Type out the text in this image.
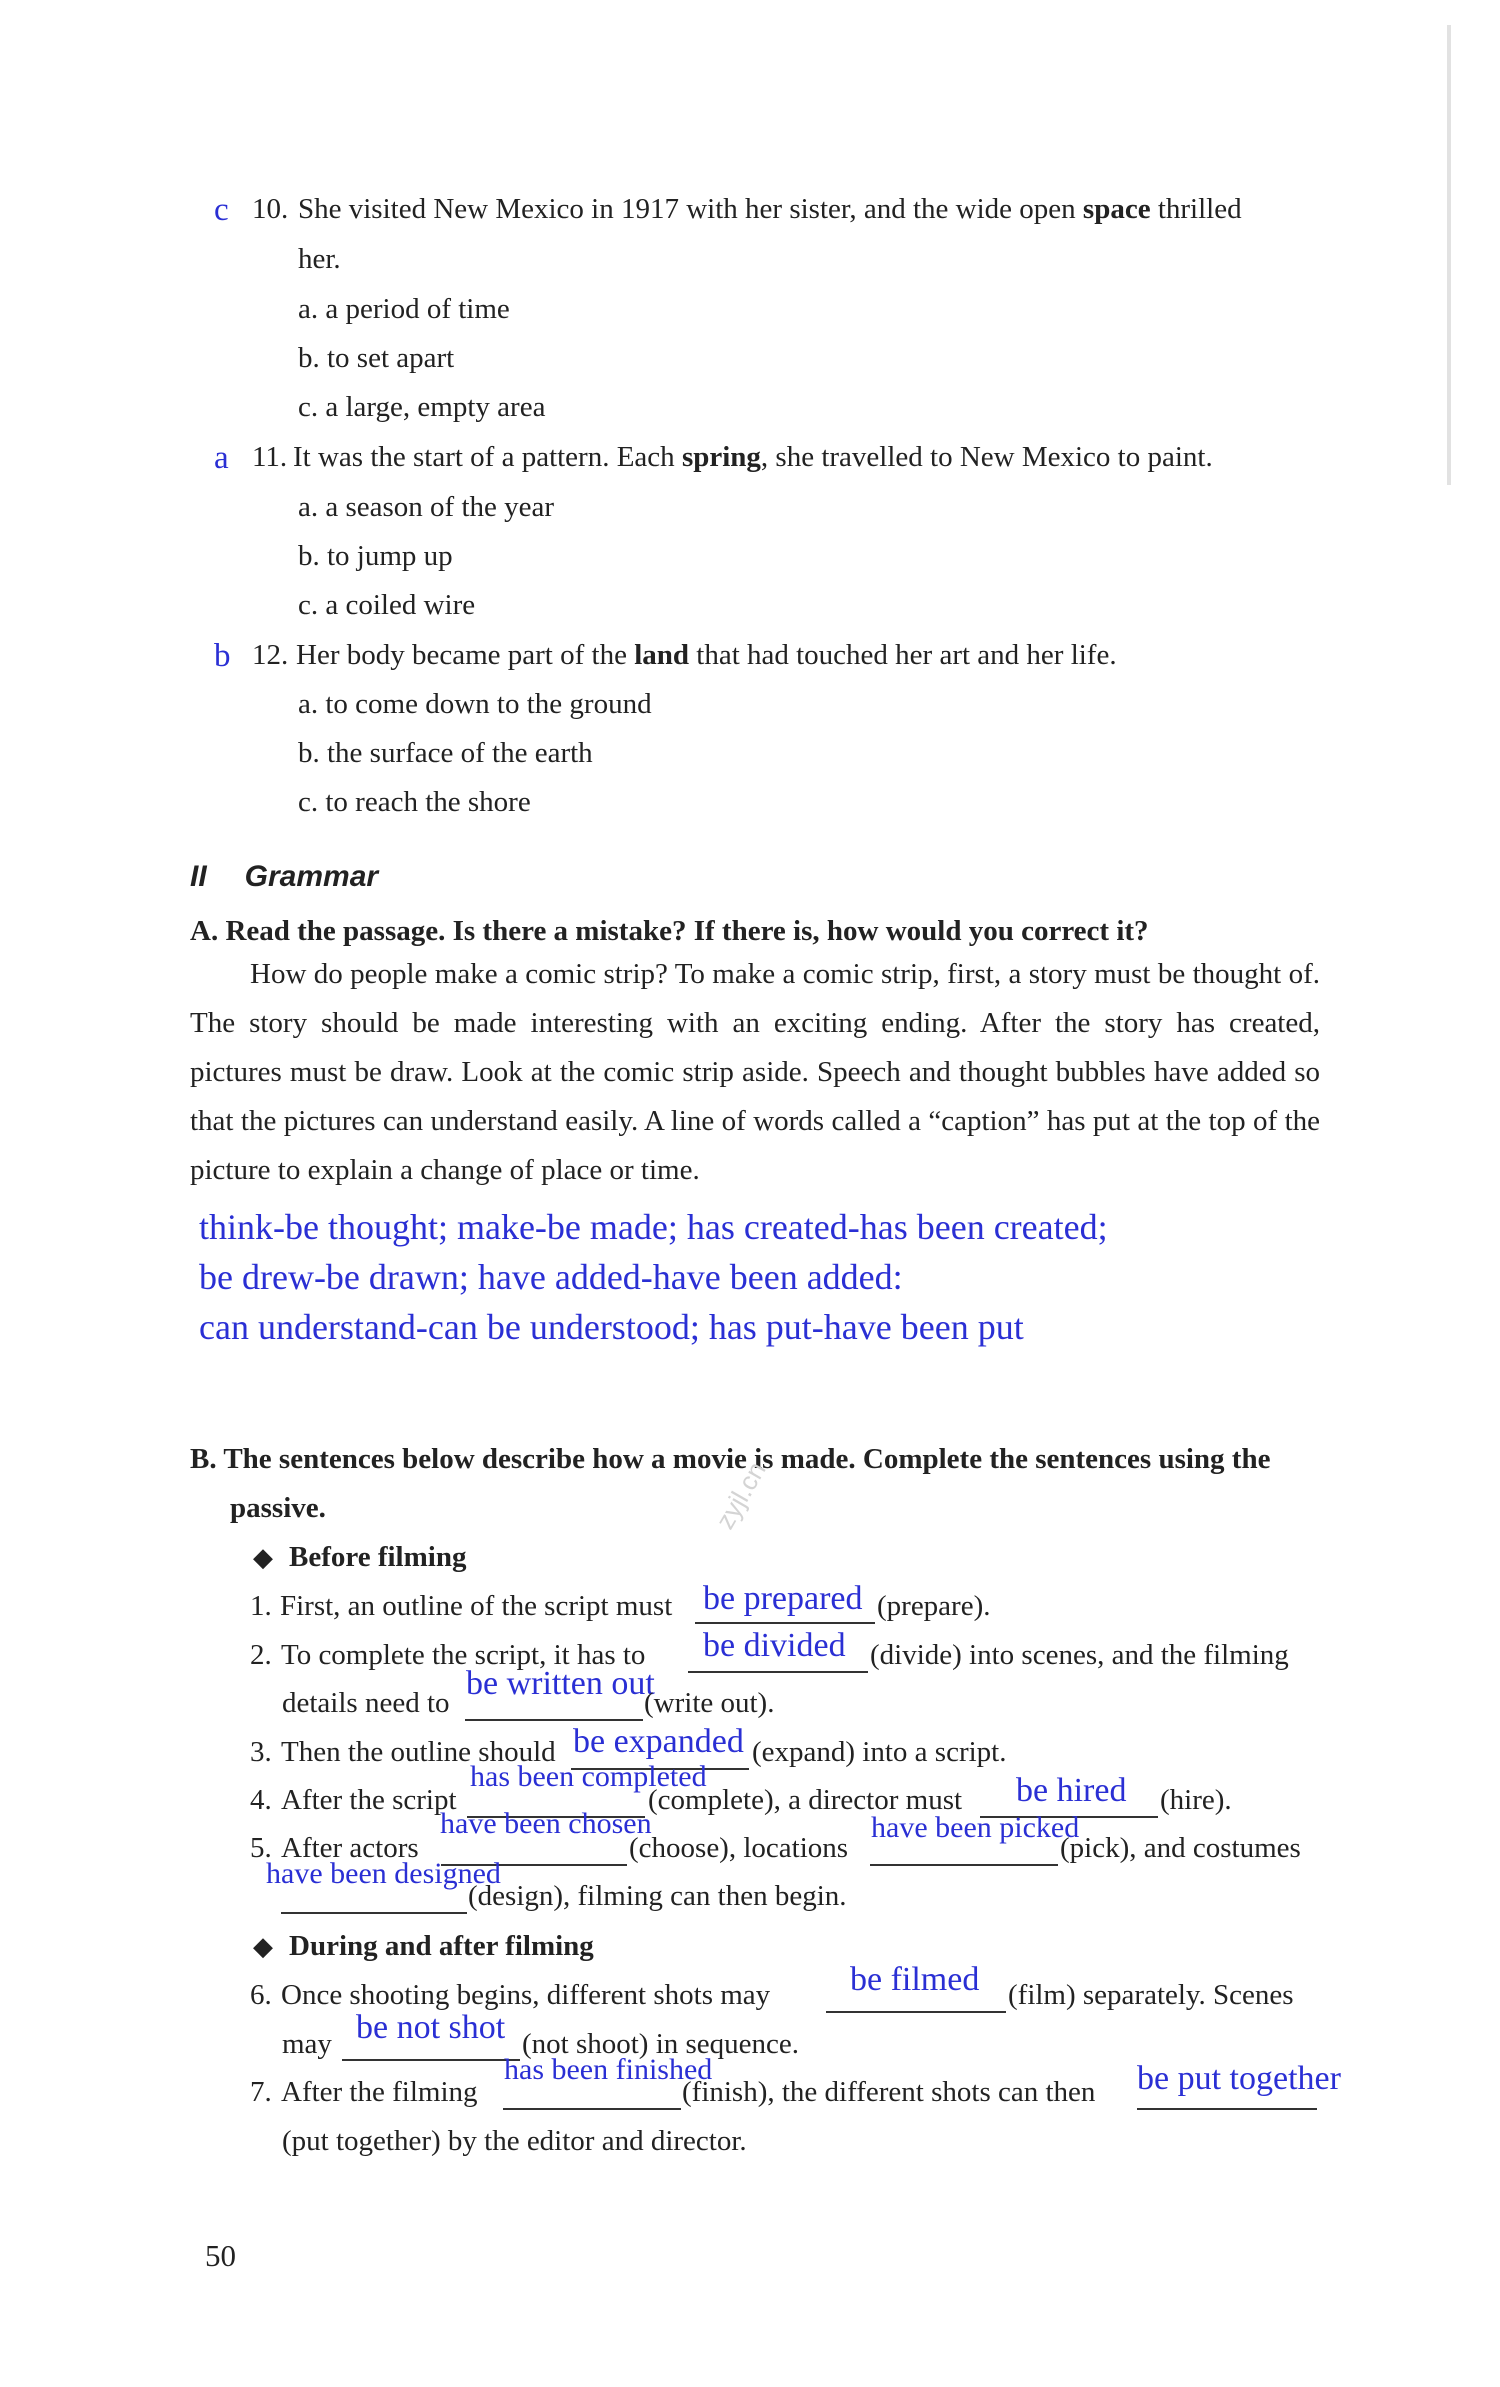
c 10. She visited New Mexico in 1917 with her sister, and the wide open space thrilled
her.
a. a period of time
b. to set apart
c. a large, empty area
a 11. It was the start of a pattern. Each spring, she travelled to New Mexico to paint.
a. a season of the year
b. to jump up
c. a coiled wire
b 12. Her body became part of the land that had touched her art and her life.
a. to come down to the ground
b. the surface of the earth
c. to reach the shore
II Grammar
A. Read the passage. Is there a mistake? If there is, how would you correct it?
How do people make a comic strip? To make a comic strip, first, a story must be thought of. The story should be made interesting with an exciting ending. After the story has created, pictures must be draw. Look at the comic strip aside. Speech and thought bubbles have added so that the pictures can understand easily. A line of words called a “caption” has put at the top of the picture to explain a change of place or time.
think-be thought; make-be made; has created-has been created;
be drew-be drawn; have added-have been added:
can understand-can be understood; has put-have been put
B. The sentences below describe how a movie is made. Complete the sentences using the
passive.
◆ Before filming
1. First, an outline of the script must be prepared (prepare).
2. To complete the script, it has to be divided (divide) into scenes, and the filming
details need to
be written out
(write out).
3. Then the outline should be expanded (expand) into a script.
4. After the script
has been completed
(complete), a director must be hired (hire).
5. After actors
have been chosen
(choose), locations
have been picked
(pick), and costumes
have been designed
(design), filming can then begin.
◆ During and after filming
6. Once shooting begins, different shots may be filmed (film) separately. Scenes
may be not shot (not shoot) in sequence.
7. After the filming
has been finished
(finish), the different shots can then be put together
(put together) by the editor and director.
zyjl.cn
50
